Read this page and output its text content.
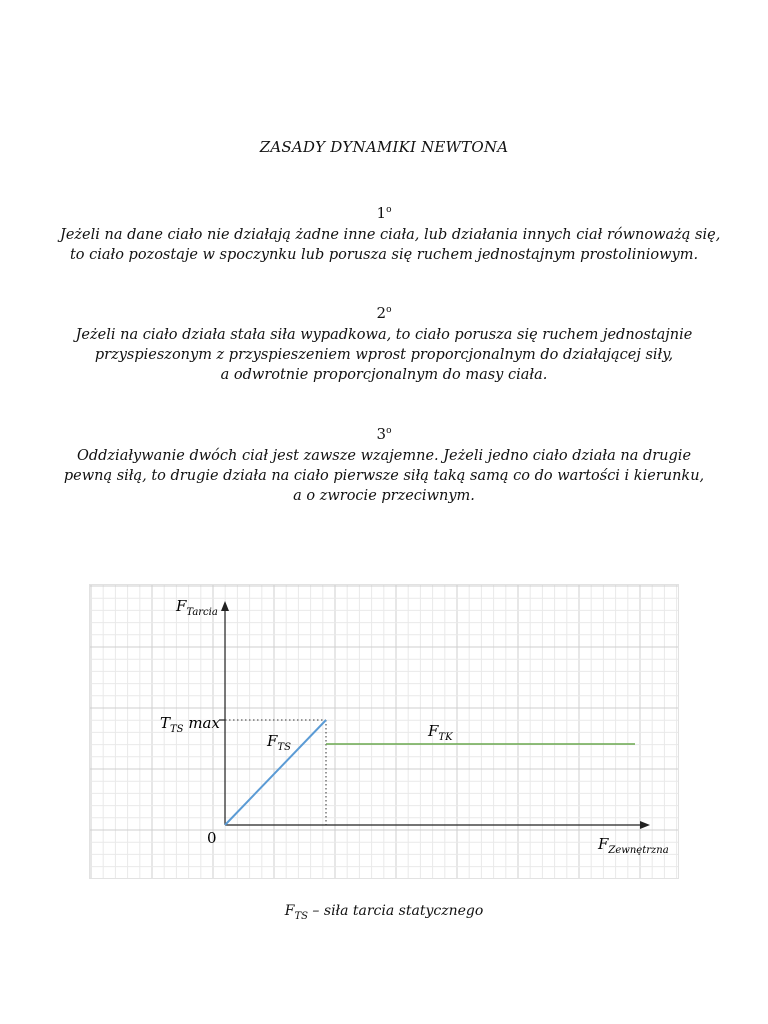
ZASADY DYNAMIKI NEWTONA
1$^o$
Jeżeli na dane ciało nie działają żadne inne ciała, lub działania innych ciał równoważą się,
to ciało pozostaje w spoczynku lub porusza się ruchem jednostajnym prostoliniowym.
2$^o$
Jeżeli na ciało działa stała siła wypadkowa, to ciało porusza się ruchem jednostajnie
przyspieszonym z przyspieszeniem wprost proporcjonalnym do działającej siły,
a odwrotnie proporcjonalnym do masy ciała.
3$^o$
Oddziaływanie dwóch ciał jest zawsze wzajemne. Jeżeli jedno ciało działa na drugie
pewną siłą, to drugie działa na ciało pierwsze siłą taką samą co do wartości i kierunku,
a o zwrocie przeciwnym.
$F_{Tarcia}$
$T_{TS}$ max
$F_{TS}$
$F_{TK}$
0	$F_{Zewnętrzna}$
$F_{TS}$ – siła tarcia statycznego
